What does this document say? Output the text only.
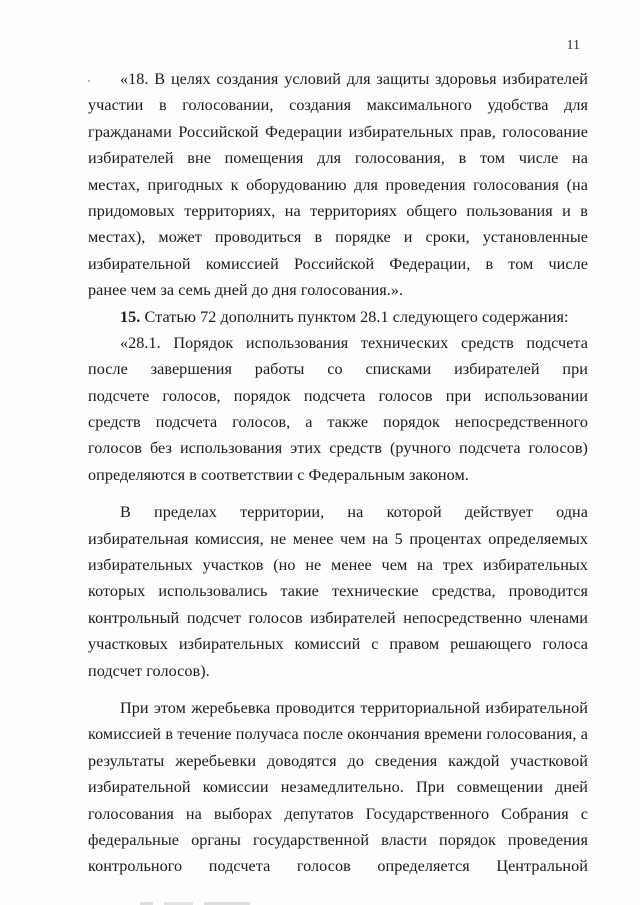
11
«18. В целях создания условий для защиты здоровья избирателей
участии в голосовании, создания максимального удобства для
гражданами Российской Федерации избирательных прав, голосование
избирателей вне помещения для голосования, в том числе на
местах, пригодных к оборудованию для проведения голосования (на
придомовых территориях, на территориях общего пользования и в
местах), может проводиться в порядке и сроки, установленные
избирательной комиссией Российской Федерации, в том числе
ранее чем за семь дней до дня голосования.».
15. Статью 72 дополнить пунктом 28.1 следующего содержания:
«28.1. Порядок использования технических средств подсчета
после завершения работы со списками избирателей при
подсчете голосов, порядок подсчета голосов при использовании
средств подсчета голосов, а также порядок непосредственного
голосов без использования этих средств (ручного подсчета голосов)
определяются в соответствии с Федеральным законом.
В пределах территории, на которой действует одна
избирательная комиссия, не менее чем на 5 процентах определяемых
избирательных участков (но не менее чем на трех избирательных
которых использовались такие технические средства, проводится
контрольный подсчет голосов избирателей непосредственно членами
участковых избирательных комиссий с правом решающего голоса
подсчет голосов).
При этом жеребьевка проводится территориальной избирательной
комиссией в течение получаса после окончания времени голосования, а
результаты жеребьевки доводятся до сведения каждой участковой
избирательной комиссии незамедлительно. При совмещении дней
голосования на выборах депутатов Государственного Собрания с
федеральные органы государственной власти порядок проведения
контрольного подсчета голосов определяется Центральной
